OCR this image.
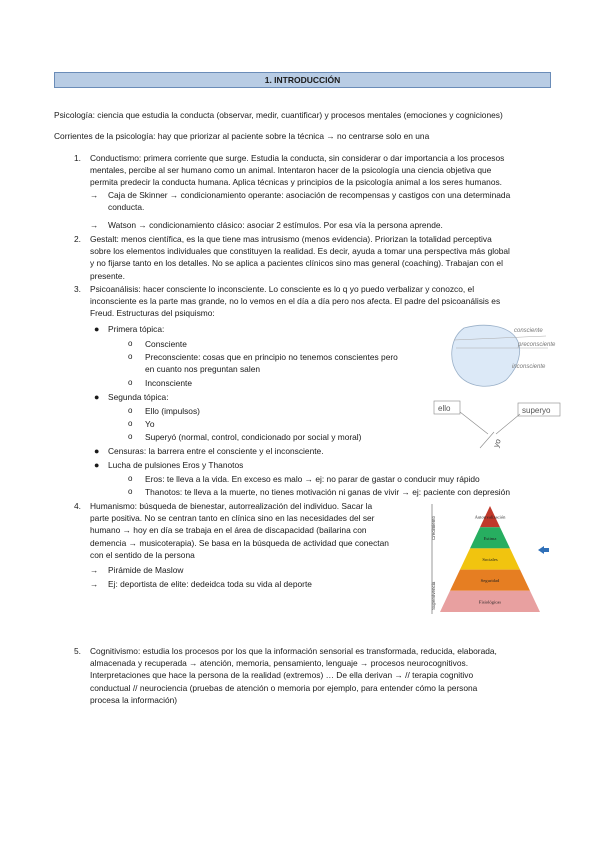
1. INTRODUCCIÓN
Psicología: ciencia que estudia la conducta (observar, medir, cuantificar) y procesos mentales (emociones y cogniciones)
Corrientes de la psicología: hay que priorizar al paciente sobre la técnica → no centrarse solo en una
1. Conductismo: primera corriente que surge. Estudia la conducta, sin considerar o dar importancia a los procesos
mentales, percibe al ser humano como un animal. Intentaron hacer de la psicología una ciencia objetiva que
permita predecir la conducta humana. Aplica técnicas y principios de la psicología animal a los seres humanos.
→ Caja de Skinner → condicionamiento operante: asociación de recompensas y castigos con una determinada
conducta.
→ Watson → condicionamiento clásico: asociar 2 estímulos. Por esa vía la persona aprende.
2. Gestalt: menos científica, es la que tiene mas intrusismo (menos evidencia). Priorizan la totalidad perceptiva
sobre los elementos individuales que constituyen la realidad. Es decir, ayuda a tomar una perspectiva más global
y no fijarse tanto en los detalles. No se aplica a pacientes clínicos sino mas general (coaching). Trabajan con el
presente.
3. Psicoanálisis: hacer consciente lo inconsciente. Lo consciente es lo q yo puedo verbalizar y conozco, el
inconsciente es la parte mas grande, no lo vemos en el día a día pero nos afecta. El padre del psicoanálisis es
Freud. Estructuras del psiquismo:
● Primera tópica:
o Consciente
o Preconsciente: cosas que en principio no tenemos conscientes pero
en cuanto nos preguntan salen
o Inconsciente
● Segunda tópica:
o Ello (impulsos)
o Yo
o Superyó (normal, control, condicionado por social y moral)
● Censuras: la barrera entre el consciente y el inconsciente.
● Lucha de pulsiones Eros y Thanotos
o Eros: te lleva a la vida. En exceso es malo → ej: no parar de gastar o conducir muy rápido
o Thanotos: te lleva a la muerte, no tienes motivación ni ganas de vivir → ej: paciente con depresión
4. Humanismo: búsqueda de bienestar, autorrealización del individuo. Sacar la
parte positiva. No se centran tanto en clínica sino en las necesidades del ser
humano → hoy en día se trabaja en el área de discapacidad (bailarina con
demencia → musicoterapia). Se basa en la búsqueda de actividad que conectan
con el sentido de la persona
→ Pirámide de Maslow
→ Ej: deportista de elite: dedeidca toda su vida al deporte
5. Cognitivismo: estudia los procesos por los que la información sensorial es transformada, reducida, elaborada,
almacenada y recuperada → atención, memoria, pensamiento, lenguaje → procesos neurocognitivos.
Interpretaciones que hace la persona de la realidad (extremos) … De ella derivan → // terapia cognitivo
conductual // neurociencia (pruebas de atención o memoria por ejemplo, para entender cómo la persona
procesa la información)
consciente
preconsciente
inconsciente
ello	superyo
yo
Crecimiento
Supervivencia
Autorrealización
Estima
Sociales
Seguridad
Fisiológicas
